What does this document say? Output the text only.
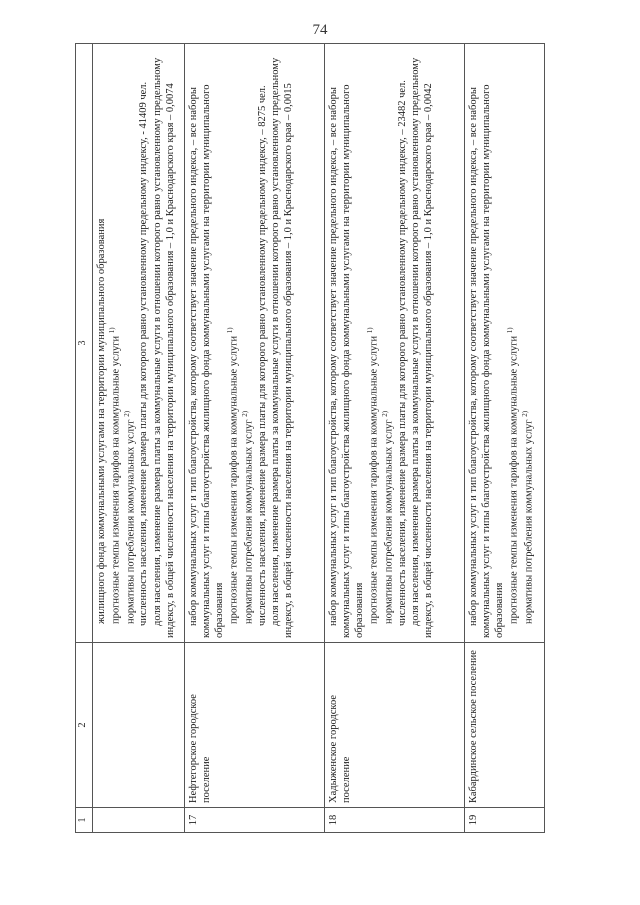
74
1	2	3

		жилищного фонда коммунальными услугами на территории муниципального образования прогнозные темпы изменения тарифов на коммунальные услуги $^{1)}$

нормативы потребления коммунальных услуг $^{2)}$ численность населения, изменение размера платы для которого равно установленному предельному индексу, - 41409 чел. доля населения, изменение размера платы за коммунальные услуги в отношении которого равно установленному предельному индексу, в общей численности населения на территории муниципального образования – 1,0 и Краснодарского края – 0,0074

17	Нефтегорское городское поселение	набор коммунальных услуг и тип благоустройства, которому соответствует значение предельного индекса, – все наборы коммунальных услуг и типы благоустройства жилищного фонда коммунальными услугами на территории муниципального образования прогнозные темпы изменения тарифов на коммунальные услуги $^{1)}$

нормативы потребления коммунальных услуг $^{2)}$ численность населения, изменение размера платы для которого равно установленному предельному индексу, – 8275 чел. доля населения, изменение размера платы за коммунальные услуги в отношении которого равно установленному предельному индексу, в общей численности населения на территории муниципального образования – 1,0 и Краснодарского края – 0,0015

18	Хадыженское городское поселение	набор коммунальных услуг и тип благоустройства, которому соответствует значение предельного индекса, – все наборы коммунальных услуг и типы благоустройства жилищного фонда коммунальными услугами на территории муниципального образования прогнозные темпы изменения тарифов на коммунальные услуги $^{1)}$

нормативы потребления коммунальных услуг $^{2)}$ численность населения, изменение размера платы для которого равно установленному предельному индексу, – 23482 чел. доля населения, изменение размера платы за коммунальные услуги в отношении которого равно установленному предельному индексу, в общей численности населения на территории муниципального образования – 1,0 и Краснодарского края – 0,0042

19	Кабардинское сельское поселение	набор коммунальных услуг и тип благоустройства, которому соответствует значение предельного индекса, – все наборы коммунальных услуг и типы благоустройства жилищного фонда коммунальными услугами на территории муниципального образования прогнозные темпы изменения тарифов на коммунальные услуги $^{1)}$

нормативы потребления коммунальных услуг $^{2)}$
